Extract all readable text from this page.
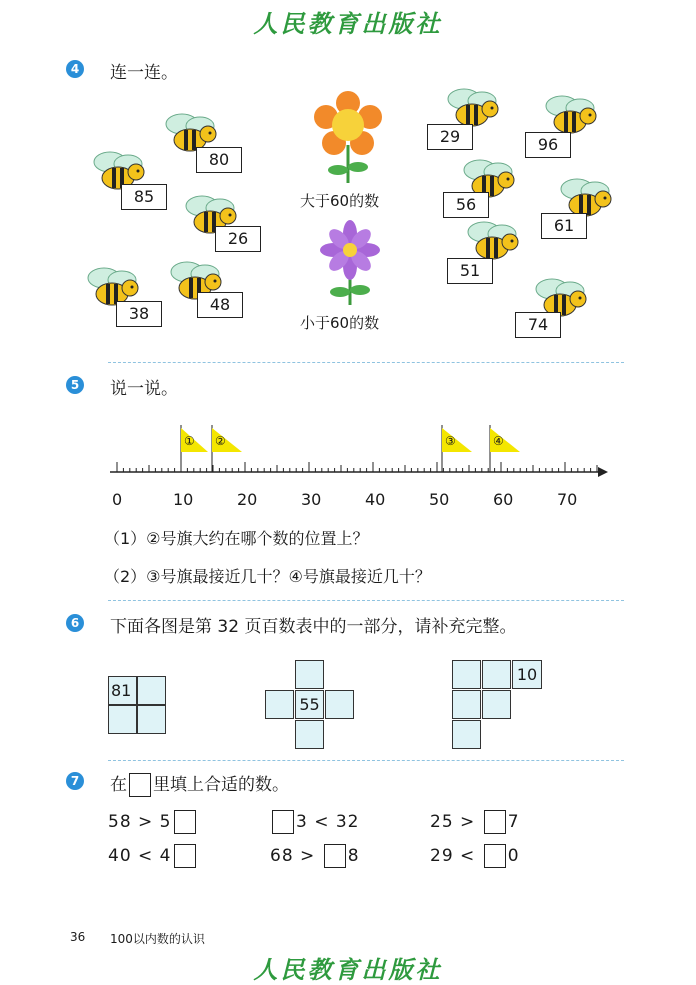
人民教育出版社
4 连一连。
80
85
26
38	48
29	96
56
61
51
74
大于60的数
小于60的数
5 说一说。
① ②	③	④
0	10	20	30	40	50	60	70
（1）②号旗大约在哪个数的位置上？
（2）③号旗最接近几十？④号旗最接近几十？
6 下面各图是第 32 页百数表中的一部分，请补充完整。
81
55
10
7 在 里填上合适的数。
58 > 5	3 < 32	25 > 7
40 < 4	68 > 8	29 < 0
36 100以内数的认识
人民教育出版社
